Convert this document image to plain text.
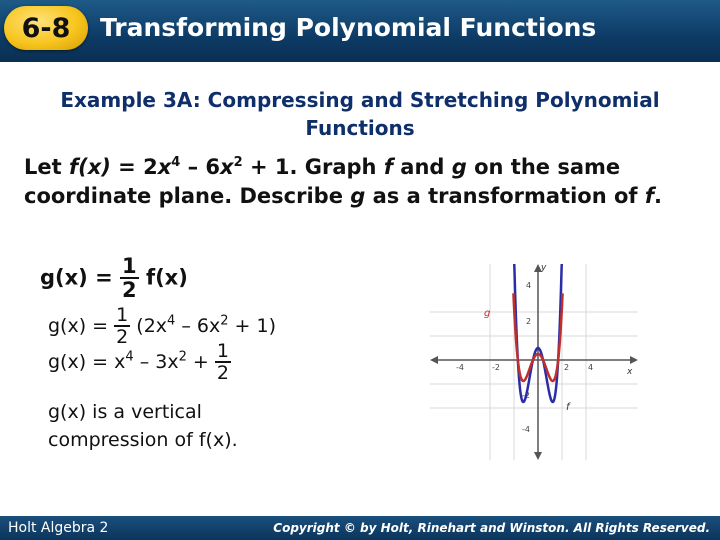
6-8	Transforming Polynomial Functions
Example 3A: Compressing and Stretching Polynomial Functions
Let $f(x) = 2x^4 - 6x^2 + 1$. Graph f and g on the same coordinate plane. Describe g as a transformation of f.
$g(x) = \frac{1}{2} f(x)$
$g(x) = \frac{1}{2} (2x^4 - 6x^2 + 1)$
$g(x) = x^4 - 3x^2 + \frac{1}{2}$
g(x) is a vertical
compression of f(x).
y
x
-4	-2	2 4
4
2
-2
-4
g
f
Holt Algebra 2	Copyright © by Holt, Rinehart and Winston. All Rights Reserved.
